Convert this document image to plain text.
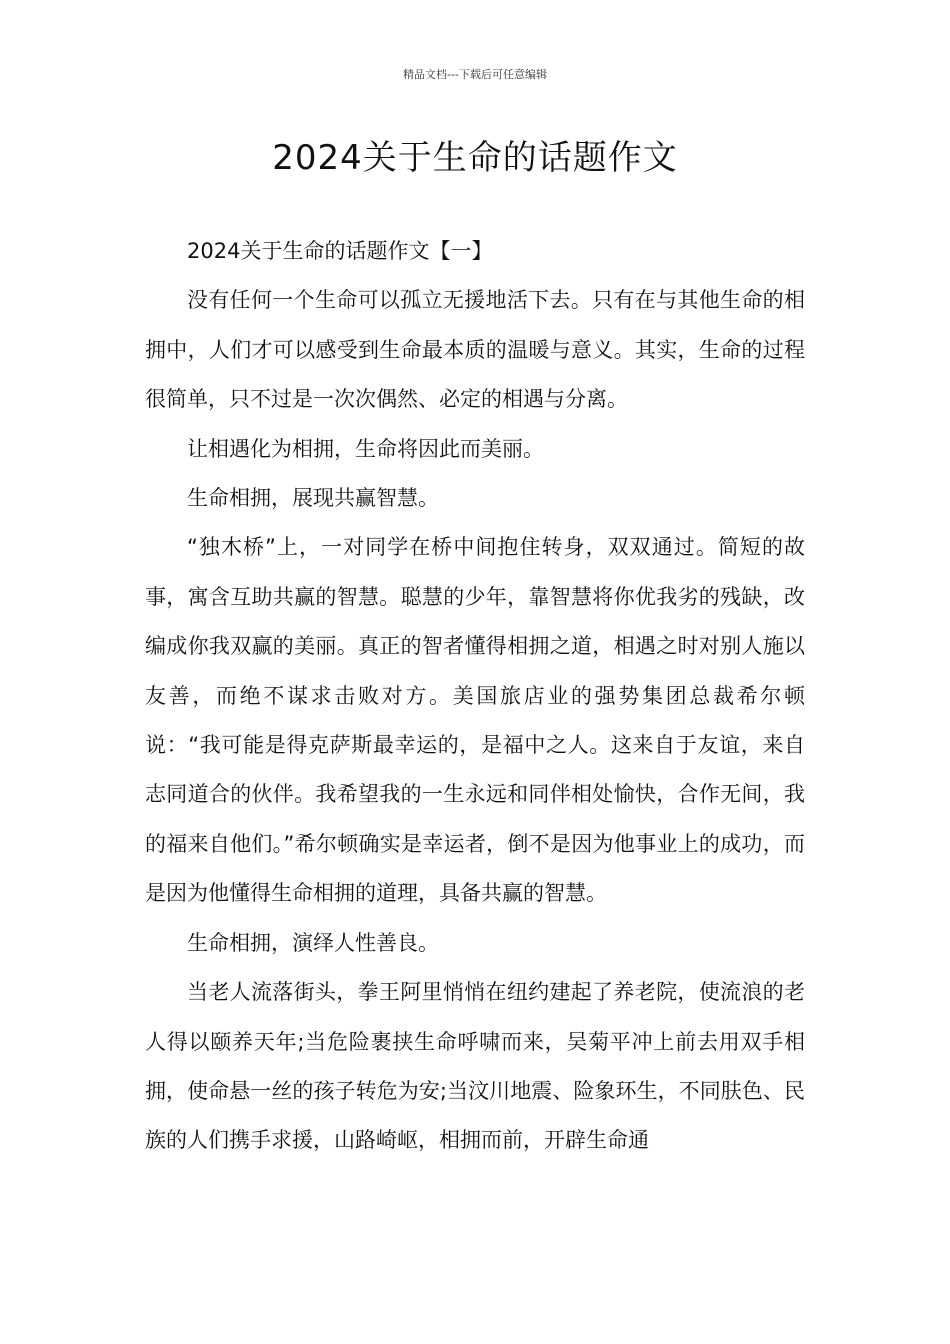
精品文档---下载后可任意编辑
2024关于生命的话题作文

2024关于生命的话题作文【一】

没有任何一个生命可以孤立无援地活下去。只有在与其他生命的相拥中，人们才可以感受到生命最本质的温暖与意义。其实，生命的过程很简单，只不过是一次次偶然、必定的相遇与分离。

让相遇化为相拥，生命将因此而美丽。

生命相拥，展现共赢智慧。

“独木桥”上，一对同学在桥中间抱住转身，双双通过。简短的故事，寓含互助共赢的智慧。聪慧的少年，靠智慧将你优我劣的残缺，改编成你我双赢的美丽。真正的智者懂得相拥之道，相遇之时对别人施以友善，而绝不谋求击败对方。美国旅店业的强势集团总裁希尔顿说：“我可能是得克萨斯最幸运的，是福中之人。这来自于友谊，来自志同道合的伙伴。我希望我的一生永远和同伴相处愉快，合作无间，我的福来自他们。”希尔顿确实是幸运者，倒不是因为他事业上的成功，而是因为他懂得生命相拥的道理，具备共赢的智慧。

生命相拥，演绎人性善良。

当老人流落街头，拳王阿里悄悄在纽约建起了养老院，使流浪的老人得以颐养天年;当危险裹挟生命呼啸而来，吴菊平冲上前去用双手相拥，使命悬一丝的孩子转危为安;当汶川地震、险象环生，不同肤色、民族的人们携手求援，山路崎岖，相拥而前，开辟生命通
